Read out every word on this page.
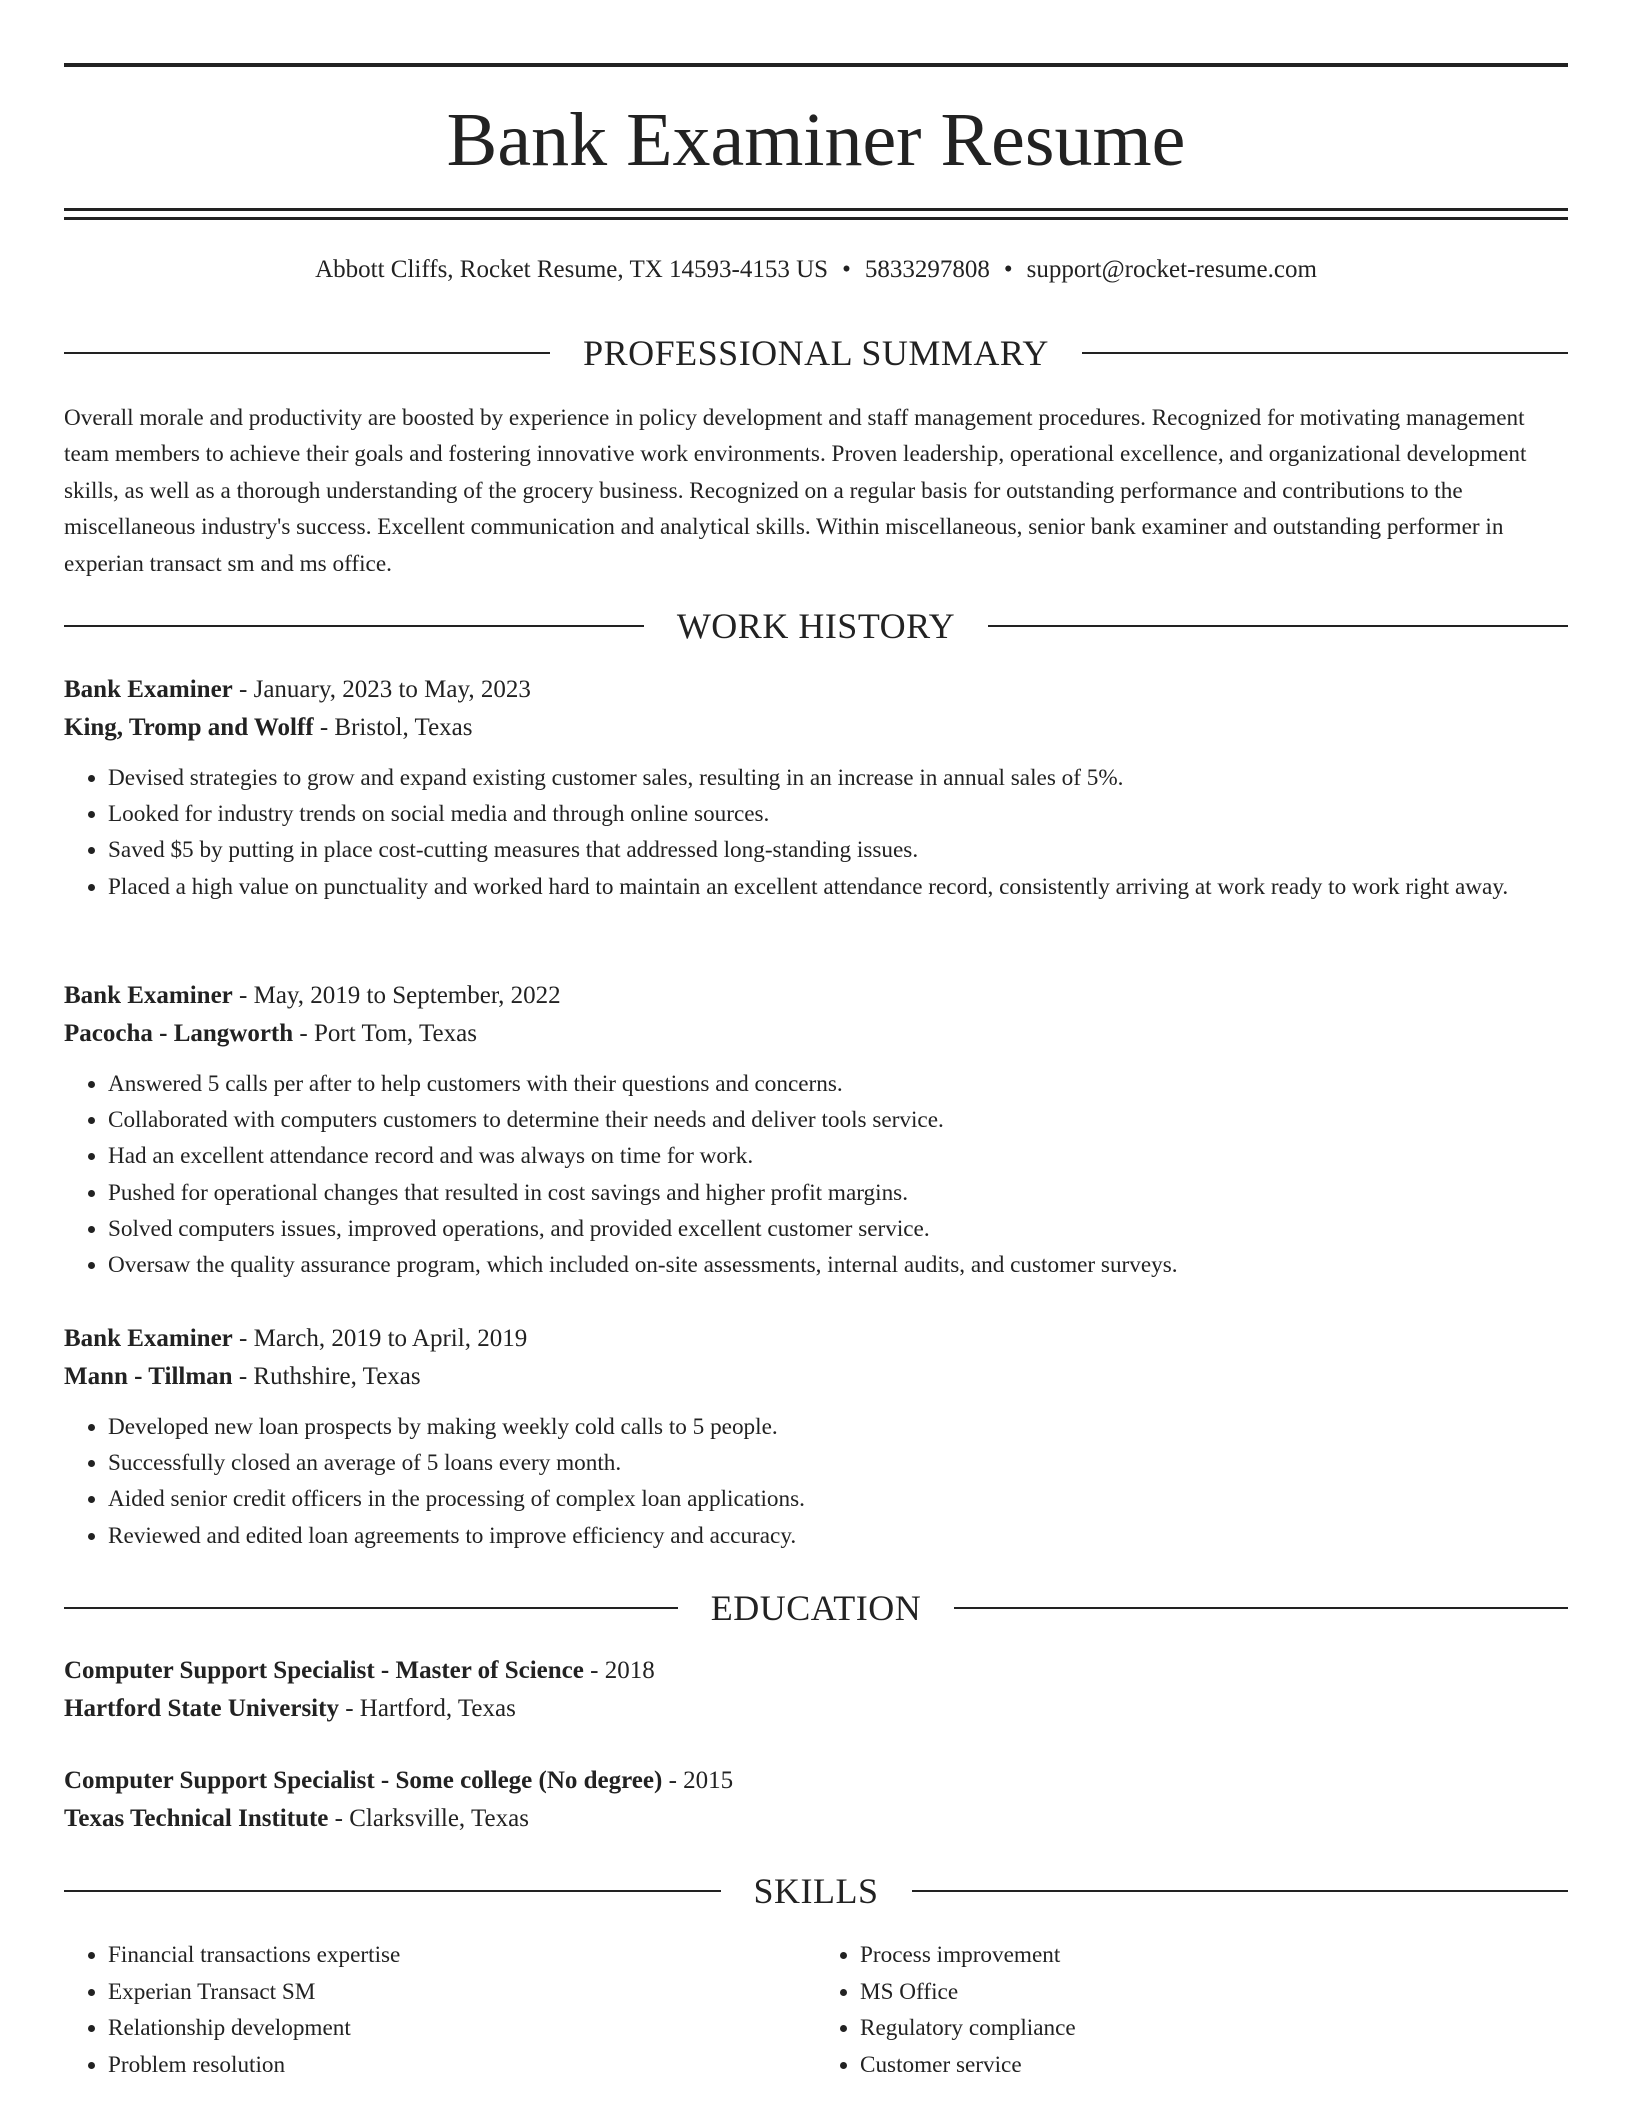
Bank Examiner Resume
Abbott Cliffs, Rocket Resume, TX 14593-4153 US • 5833297808 • support@rocket-resume.com
PROFESSIONAL SUMMARY

Overall morale and productivity are boosted by experience in policy development and staff management procedures. Recognized for motivating management team members to achieve their goals and fostering innovative work environments. Proven leadership, operational excellence, and organizational development skills, as well as a thorough understanding of the grocery business. Recognized on a regular basis for outstanding performance and contributions to the miscellaneous industry's success. Excellent communication and analytical skills. Within miscellaneous, senior bank examiner and outstanding performer in experian transact sm and ms office.

WORK HISTORY

Bank Examiner - January, 2023 to May, 2023

King, Tromp and Wolff - Bristol, Texas

• Devised strategies to grow and expand existing customer sales, resulting in an increase in annual sales of 5%.
• Looked for industry trends on social media and through online sources.
• Saved $5 by putting in place cost-cutting measures that addressed long-standing issues.
• Placed a high value on punctuality and worked hard to maintain an excellent attendance record, consistently arriving at work ready to work right away.

Bank Examiner - May, 2019 to September, 2022

Pacocha - Langworth - Port Tom, Texas

• Answered 5 calls per after to help customers with their questions and concerns.
• Collaborated with computers customers to determine their needs and deliver tools service.
• Had an excellent attendance record and was always on time for work.
• Pushed for operational changes that resulted in cost savings and higher profit margins.
• Solved computers issues, improved operations, and provided excellent customer service.
• Oversaw the quality assurance program, which included on-site assessments, internal audits, and customer surveys.

Bank Examiner - March, 2019 to April, 2019

Mann - Tillman - Ruthshire, Texas

• Developed new loan prospects by making weekly cold calls to 5 people.
• Successfully closed an average of 5 loans every month.
• Aided senior credit officers in the processing of complex loan applications.
• Reviewed and edited loan agreements to improve efficiency and accuracy.
EDUCATION

Computer Support Specialist - Master of Science - 2018

Hartford State University - Hartford, Texas

Computer Support Specialist - Some college (No degree) - 2015

Texas Technical Institute - Clarksville, Texas

SKILLS
• Financial transactions expertise
• Experian Transact SM
• Relationship development
• Problem resolution
• Process improvement
• MS Office
• Regulatory compliance
• Customer service
